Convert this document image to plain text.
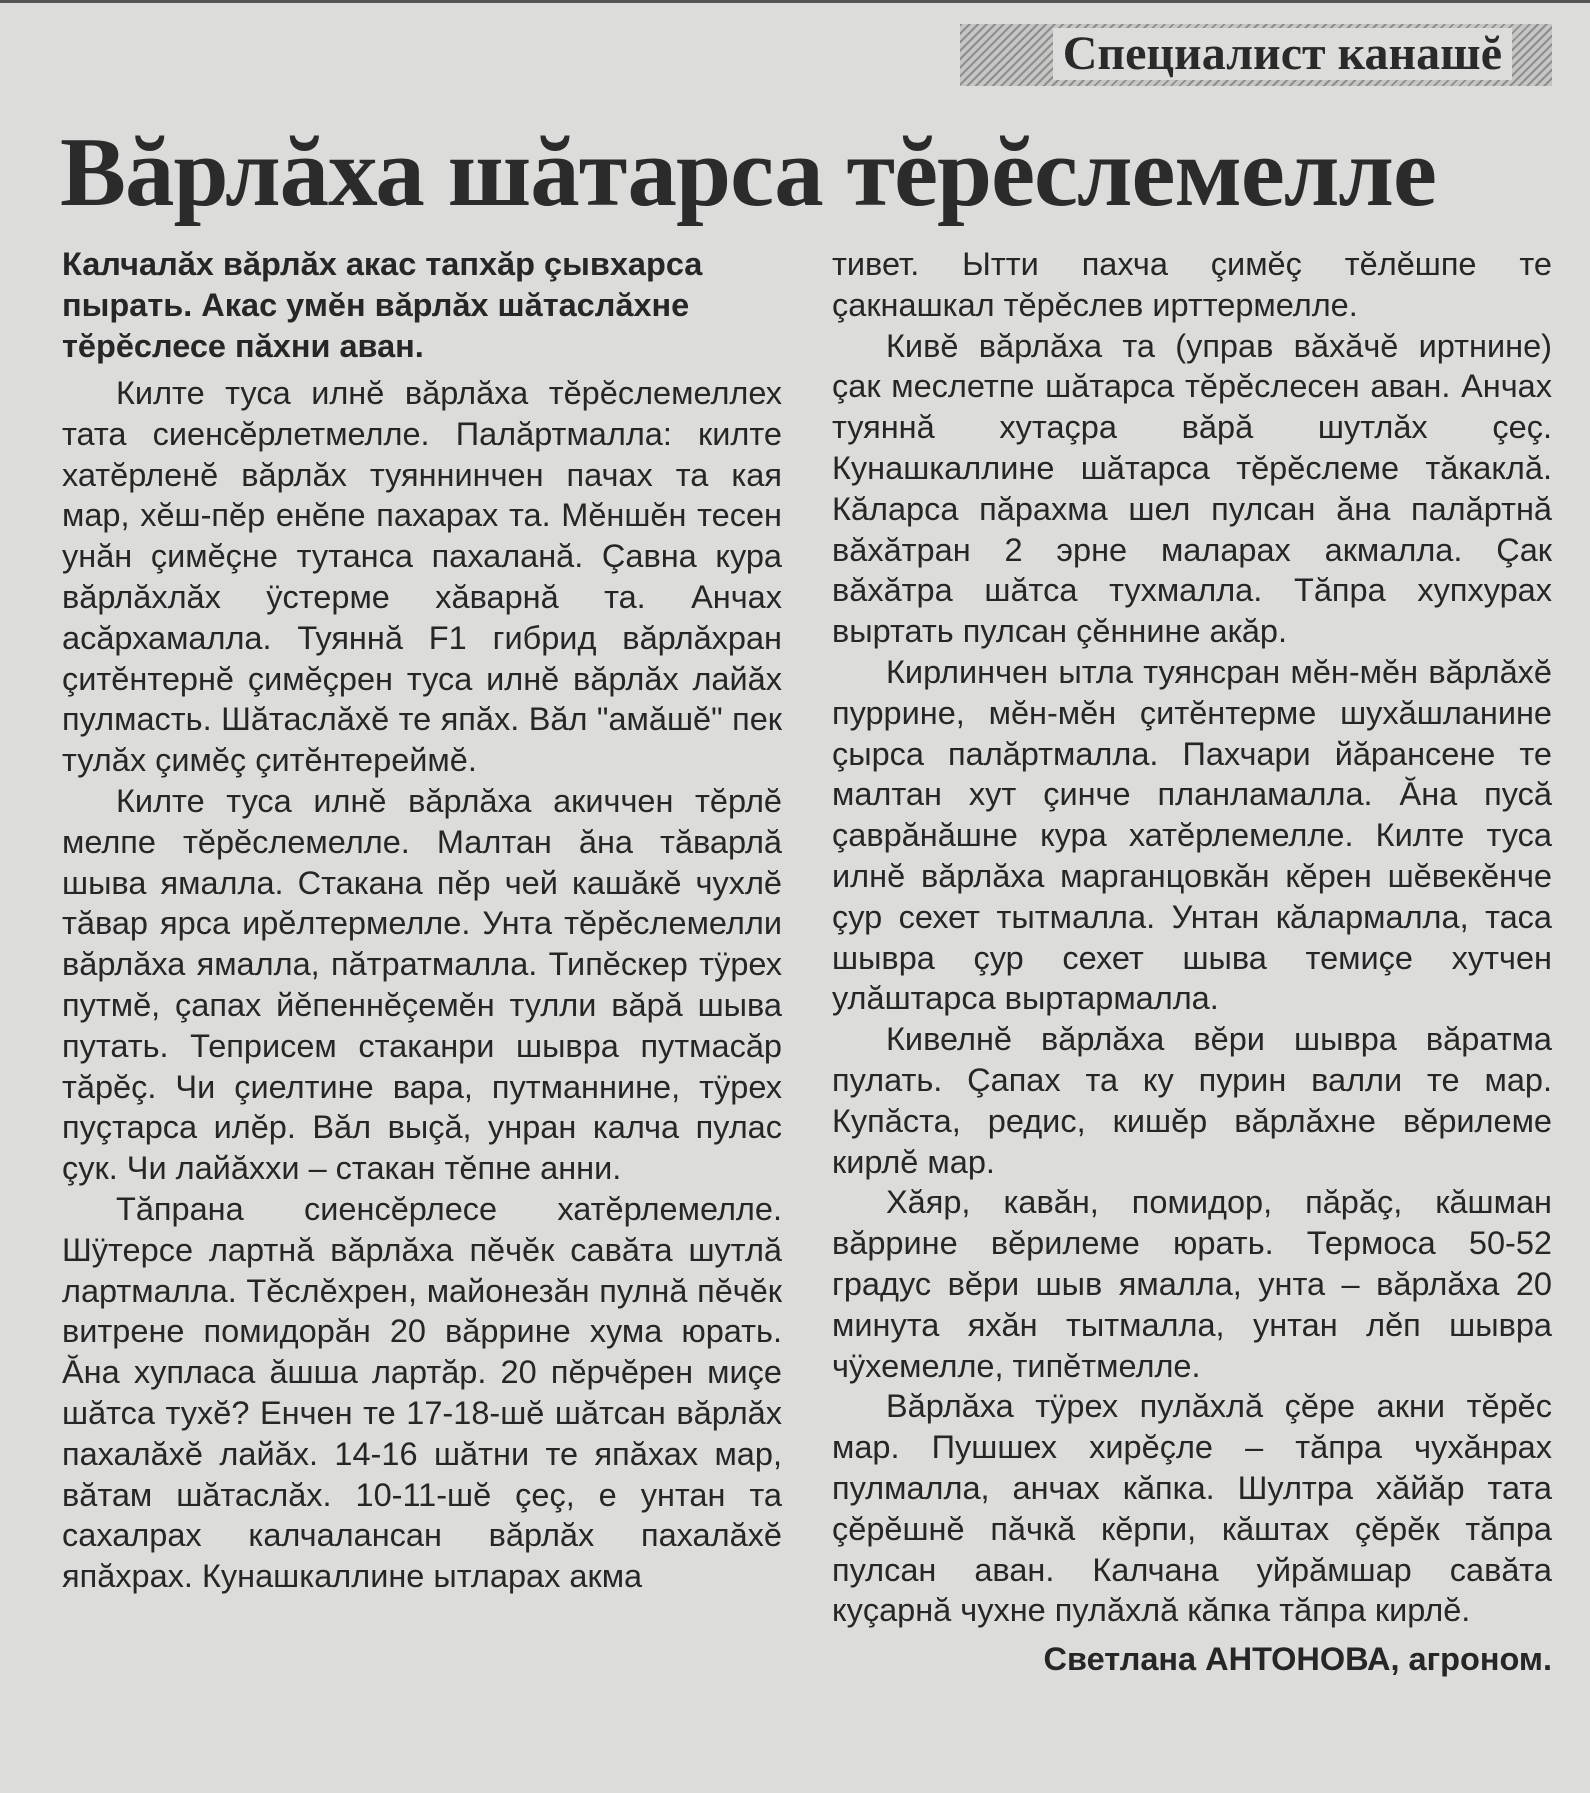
Специалист канашĕ
Вăрлăха шăтарса тĕрĕслемелле

Калчалăх вăрлăх акас тапхăр çывхарса пырать. Акас умĕн вăрлăх шăтаслăхне тĕрĕслесе пăхни аван.

Килте туса илнĕ вăрлăха тĕрĕслемеллех тата сиенсĕрлетмелле. Палăртмалла: килте хатĕрленĕ вăрлăх туяннинчен пачах та кая мар, хĕш-пĕр енĕпе пахарах та. Мĕншĕн тесен унăн çимĕçне тутанса пахаланă. Çавна кура вăрлăхлăх ÿстерме хăварнă та. Анчах асăрхамалла. Туяннă F1 гибрид вăрлăхран çитĕнтернĕ çимĕçрен туса илнĕ вăрлăх лайăх пулмасть. Шăтаслăхĕ те япăх. Вăл "амăшĕ" пек тулăх çимĕç çитĕнтереймĕ.

Килте туса илнĕ вăрлăха акиччен тĕрлĕ мелпе тĕрĕслемелле. Малтан ăна тăварлă шыва ямалла. Стакана пĕр чей кашăкĕ чухлĕ тăвар ярса ирĕлтермелле. Унта тĕрĕслемелли вăрлăха ямалла, пăтратмалла. Типĕскер тÿрех путмĕ, çапах йĕпеннĕçемĕн тулли вăрă шыва путать. Теприсем стаканри шывра путмасăр тăрĕç. Чи çиелтине вара, путманнине, тÿрех пуçтарса илĕр. Вăл выçă, унран калча пулас çук. Чи лайăххи – стакан тĕпне анни.

Тăпрана сиенсĕрлесе хатĕрлемелле. Шÿтерсе лартнă вăрлăха пĕчĕк савăта шутлă лартмалла. Тĕслĕхрен, майонезăн пулнă пĕчĕк витрене помидорăн 20 вăррине хума юрать. Ăна хупласа ăшша лартăр. 20 пĕрчĕрен миçе шăтса тухĕ? Енчен те 17-18-шĕ шăтсан вăрлăх пахалăхĕ лайăх. 14-16 шăтни те япăхах мар, вăтам шăтаслăх. 10-11-шĕ çеç, е унтан та сахалрах калчалансан вăрлăх пахалăхĕ япăхрах. Кунашкаллине ытларах акма

тивет. Ытти пахча çимĕç тĕлĕшпе те çакнашкал тĕрĕслев ирттермелле.

Кивĕ вăрлăха та (управ вăхăчĕ иртнине) çак меслетпе шăтарса тĕрĕслесен аван. Анчах туяннă хутаçра вăрă шутлăх çеç. Кунашкаллине шăтарса тĕрĕслеме тăкаклă. Кăларса пăрахма шел пулсан ăна палăртнă вăхăтран 2 эрне маларах акмалла. Çак вăхăтра шăтса тухмалла. Тăпра хупхурах выртать пулсан çĕннине акăр.

Кирлинчен ытла туянсран мĕн-мĕн вăрлăхĕ пуррине, мĕн-мĕн çитĕнтерме шухăшланине çырса палăртмалла. Пахчари йăрансене те малтан хут çинче планламалла. Ăна пусă çаврăнăшне кура хатĕрлемелле. Килте туса илнĕ вăрлăха марганцовкăн кĕрен шĕвекĕнче çур сехет тытмалла. Унтан кăлармалла, таса шывра çур сехет шыва темиçе хутчен улăштарса выртармалла.

Кивелнĕ вăрлăха вĕри шывра вăратма пулать. Çапах та ку пурин валли те мар. Купăста, редис, кишĕр вăрлăхне вĕрилеме кирлĕ мар.

Хăяр, кавăн, помидор, пăрăç, кăшман вăррине вĕрилеме юрать. Термоса 50-52 градус вĕри шыв ямалла, унта – вăрлăха 20 минута яхăн тытмалла, унтан лĕп шывра чÿхемелле, типĕтмелле.

Вăрлăха тÿрех пулăхлă çĕре акни тĕрĕс мар. Пушшех хирĕçле – тăпра чухăнрах пулмалла, анчах кăпка. Шултра хăйăр тата çĕрĕшнĕ пăчкă кĕрпи, кăштах çĕрĕк тăпра пулсан аван. Калчана уйрăмшар савăта куçарнă чухне пулăхлă кăпка тăпра кирлĕ.

Светлана АНТОНОВА, агроном.
